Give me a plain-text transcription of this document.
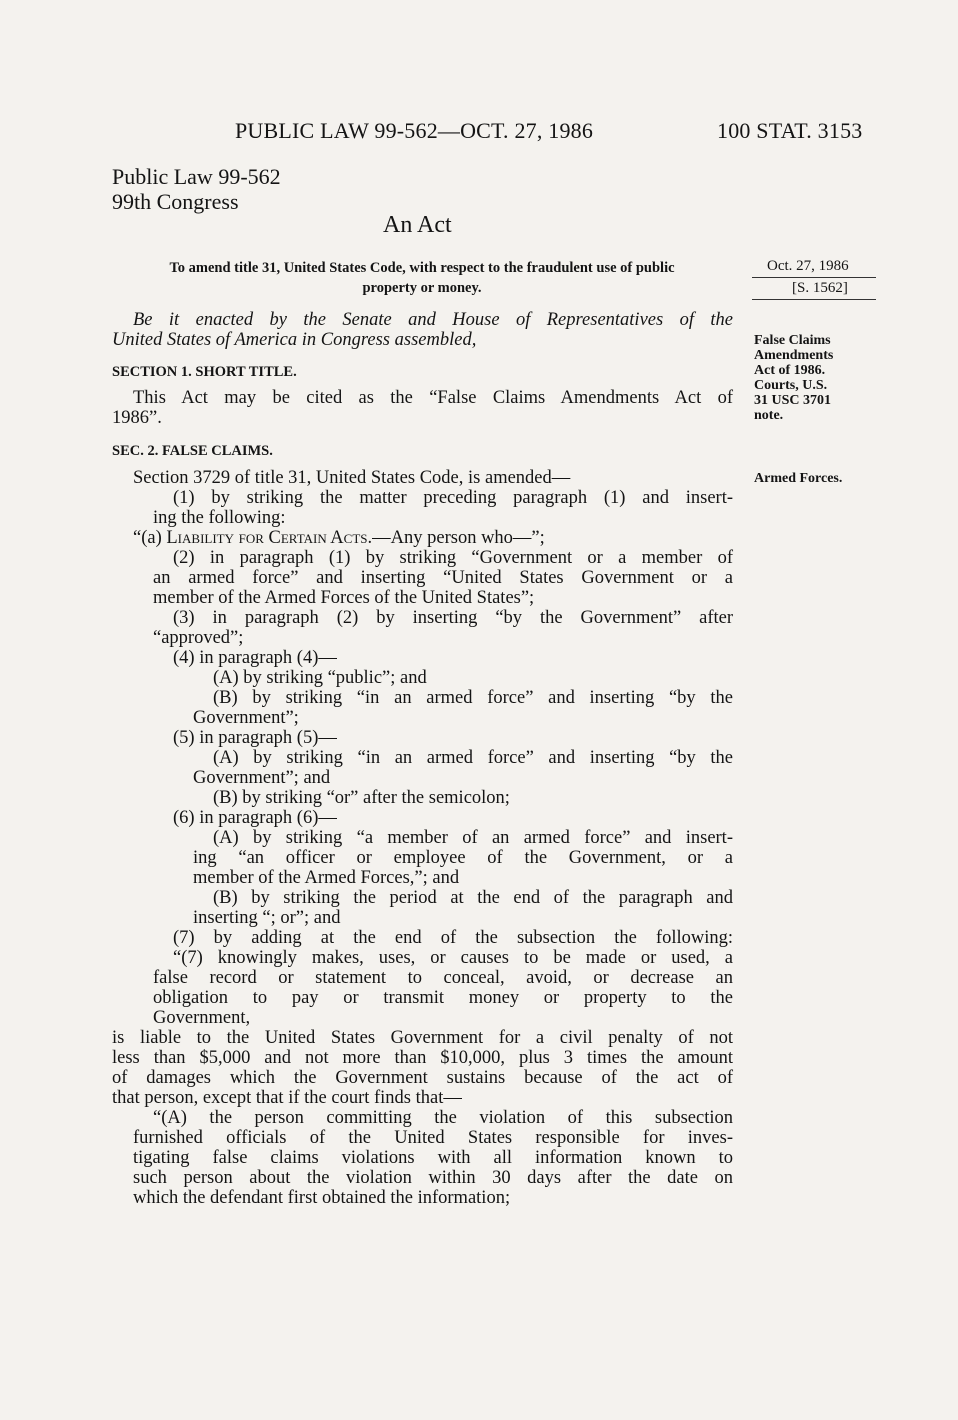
PUBLIC LAW 99-562—OCT. 27, 1986	100 STAT. 3153
Public Law 99-562
99th Congress
An Act
To amend title 31, United States Code, with respect to the fraudulent use of public
property or money.
Oct. 27, 1986
[S. 1562]
False Claims
Amendments
Act of 1986.
Courts, U.S.
31 USC 3701
note.
Armed Forces.
Be it enacted by the Senate and House of Representatives of the
United States of America in Congress assembled,
SECTION 1. SHORT TITLE.
This Act may be cited as the “False Claims Amendments Act of
1986”.
SEC. 2. FALSE CLAIMS.
Section 3729 of title 31, United States Code, is amended—
(1) by striking the matter preceding paragraph (1) and insert-
ing the following:
“(a) Liability for Certain Acts.—Any person who—”;
(2) in paragraph (1) by striking “Government or a member of
an armed force” and inserting “United States Government or a
member of the Armed Forces of the United States”;
(3) in paragraph (2) by inserting “by the Government” after
“approved”;
(4) in paragraph (4)—
(A) by striking “public”; and
(B) by striking “in an armed force” and inserting “by the
Government”;
(5) in paragraph (5)—
(A) by striking “in an armed force” and inserting “by the
Government”; and
(B) by striking “or” after the semicolon;
(6) in paragraph (6)—
(A) by striking “a member of an armed force” and insert-
ing “an officer or employee of the Government, or a
member of the Armed Forces,”; and
(B) by striking the period at the end of the paragraph and
inserting “; or”; and
(7) by adding at the end of the subsection the following:
“(7) knowingly makes, uses, or causes to be made or used, a
false record or statement to conceal, avoid, or decrease an
obligation to pay or transmit money or property to the
Government,
is liable to the United States Government for a civil penalty of not
less than $5,000 and not more than $10,000, plus 3 times the amount
of damages which the Government sustains because of the act of
that person, except that if the court finds that—
“(A) the person committing the violation of this subsection
furnished officials of the United States responsible for inves-
tigating false claims violations with all information known to
such person about the violation within 30 days after the date on
which the defendant first obtained the information;
